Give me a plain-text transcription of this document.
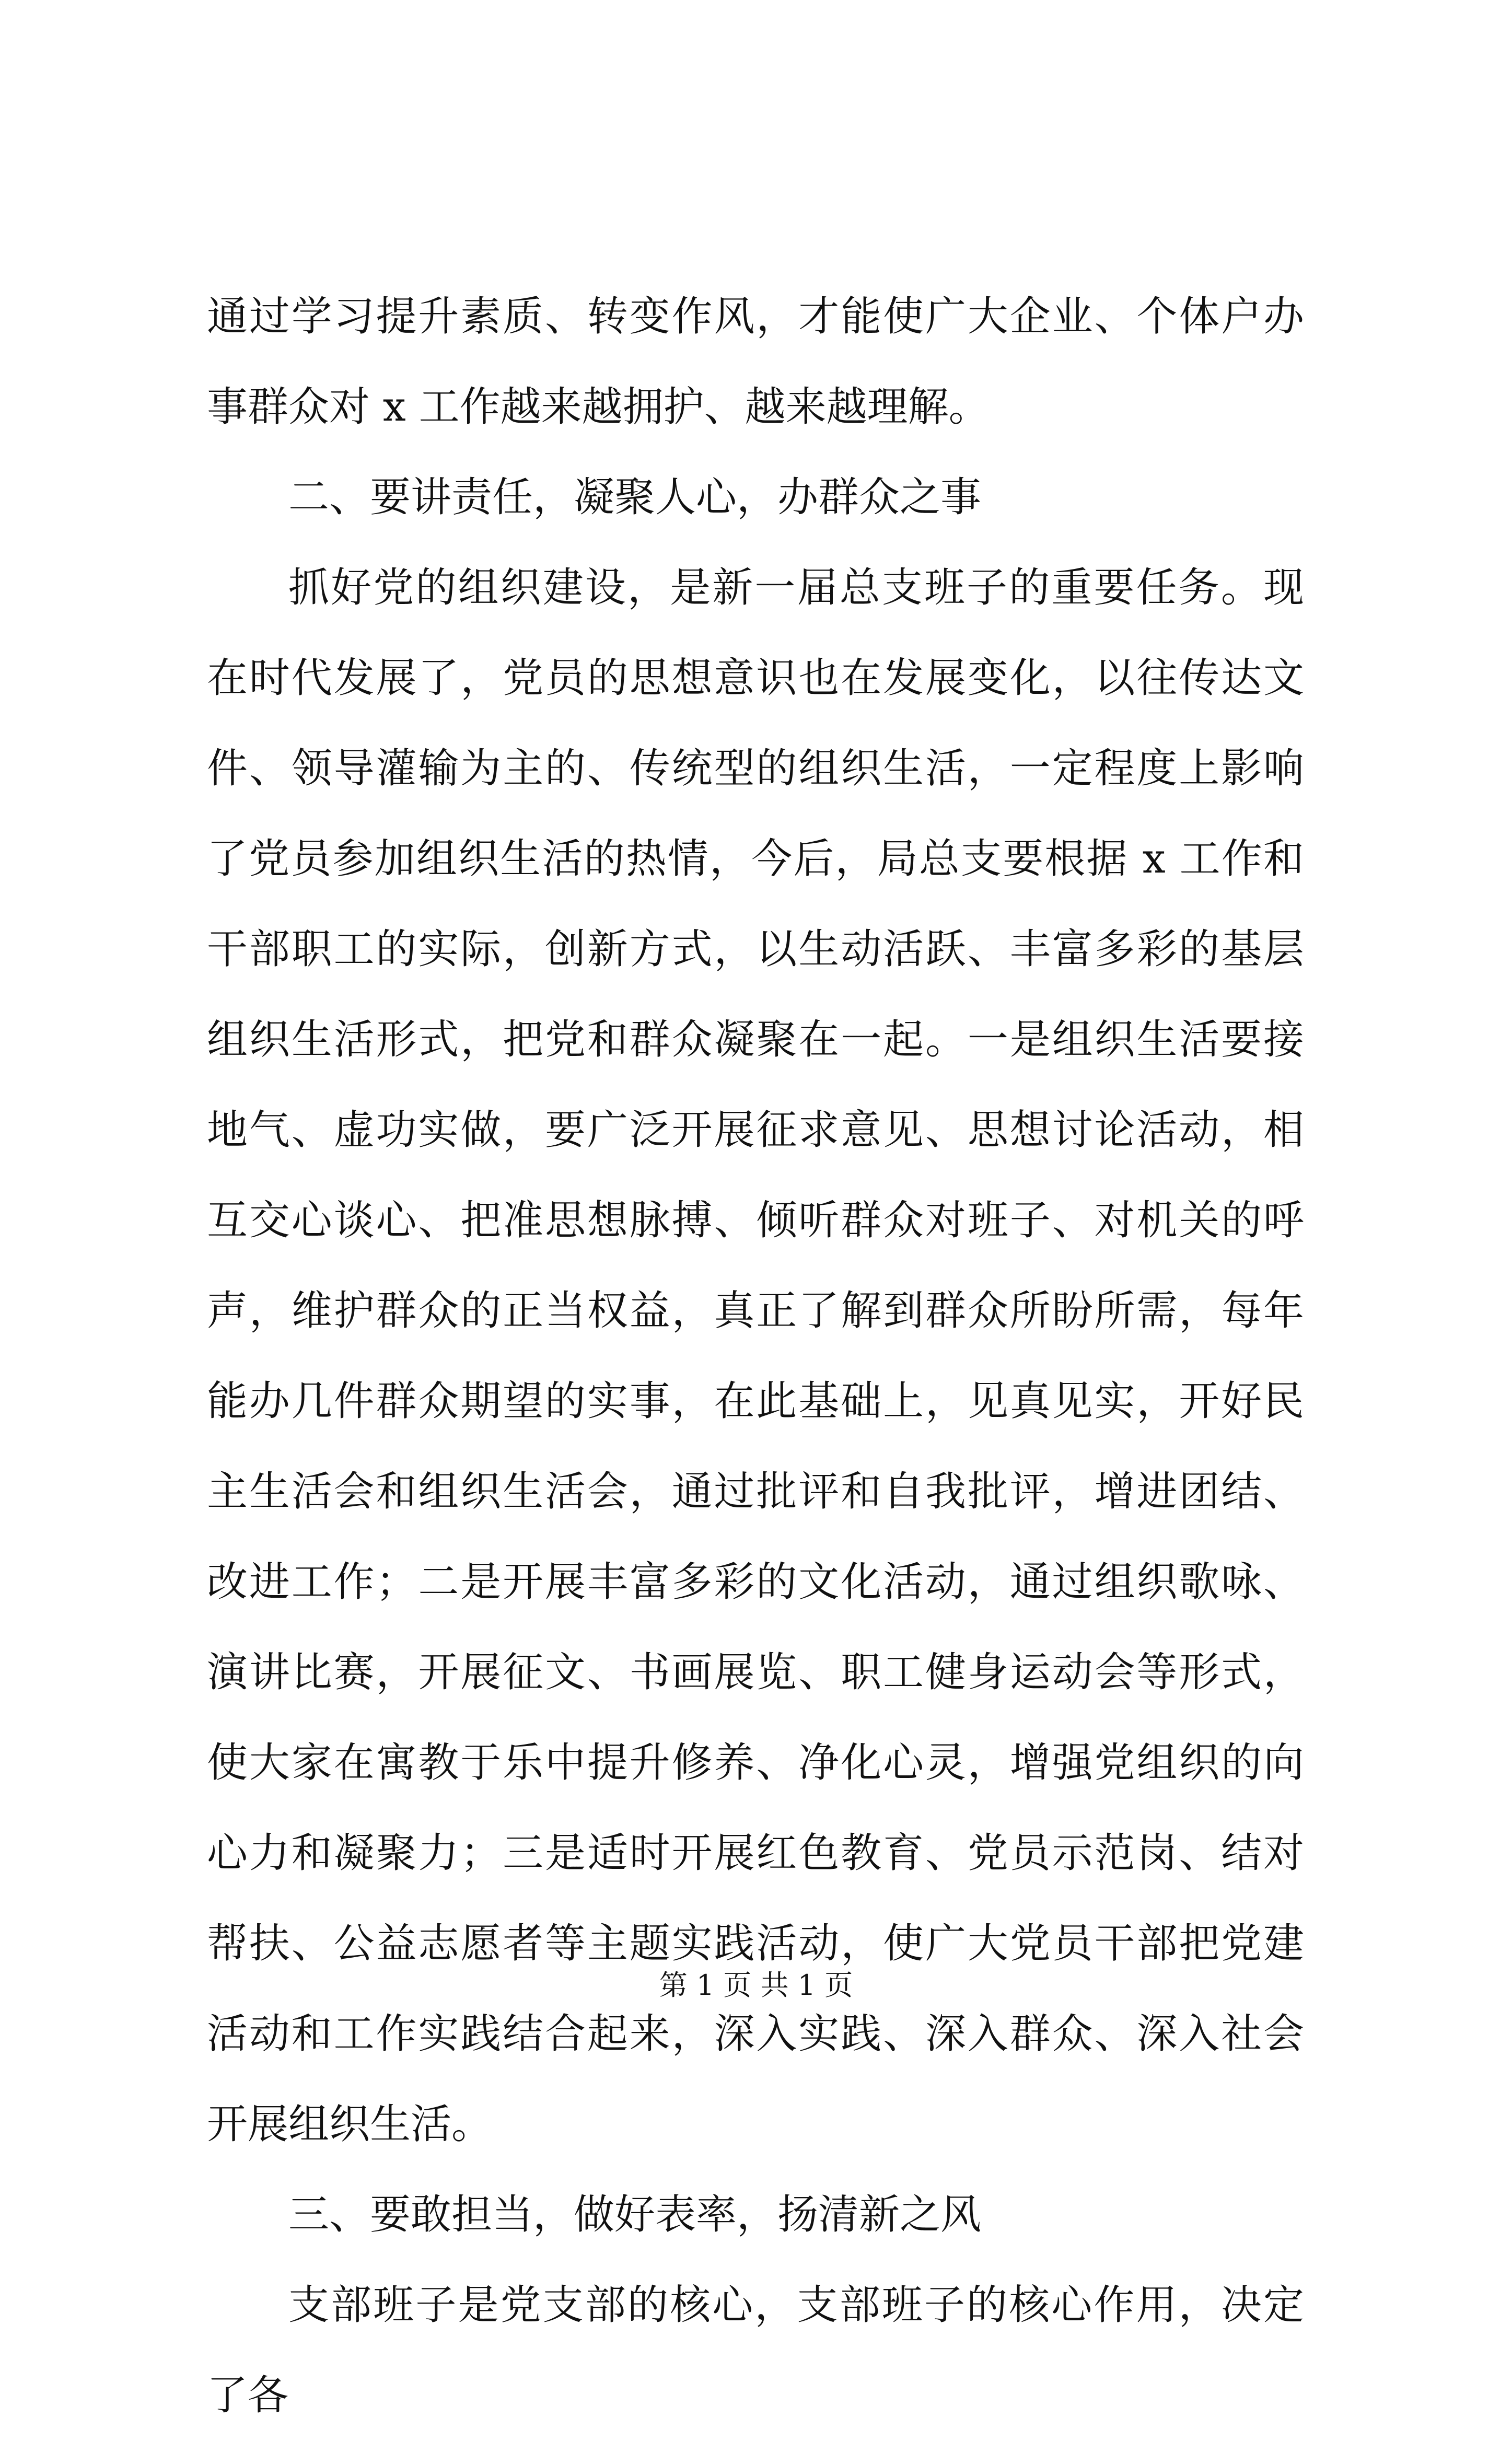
通过学习提升素质、转变作风，才能使广大企业、个体户办事群众对 x 工作越来越拥护、越来越理解。

二、要讲责任，凝聚人心，办群众之事

抓好党的组织建设，是新一届总支班子的重要任务。现在时代发展了，党员的思想意识也在发展变化，以往传达文件、领导灌输为主的、传统型的组织生活，一定程度上影响了党员参加组织生活的热情，今后，局总支要根据 x 工作和干部职工的实际，创新方式，以生动活跃、丰富多彩的基层组织生活形式，把党和群众凝聚在一起。一是组织生活要接地气、虚功实做，要广泛开展征求意见、思想讨论活动，相互交心谈心、把准思想脉搏、倾听群众对班子、对机关的呼声，维护群众的正当权益，真正了解到群众所盼所需，每年能办几件群众期望的实事，在此基础上，见真见实，开好民主生活会和组织生活会，通过批评和自我批评，增进团结、改进工作；二是开展丰富多彩的文化活动，通过组织歌咏、演讲比赛，开展征文、书画展览、职工健身运动会等形式，使大家在寓教于乐中提升修养、净化心灵，增强党组织的向心力和凝聚力；三是适时开展红色教育、党员示范岗、结对帮扶、公益志愿者等主题实践活动，使广大党员干部把党建活动和工作实践结合起来，深入实践、深入群众、深入社会开展组织生活。

三、要敢担当，做好表率，扬清新之风

支部班子是党支部的核心，支部班子的核心作用，决定了各

第 1 页 共 1 页
